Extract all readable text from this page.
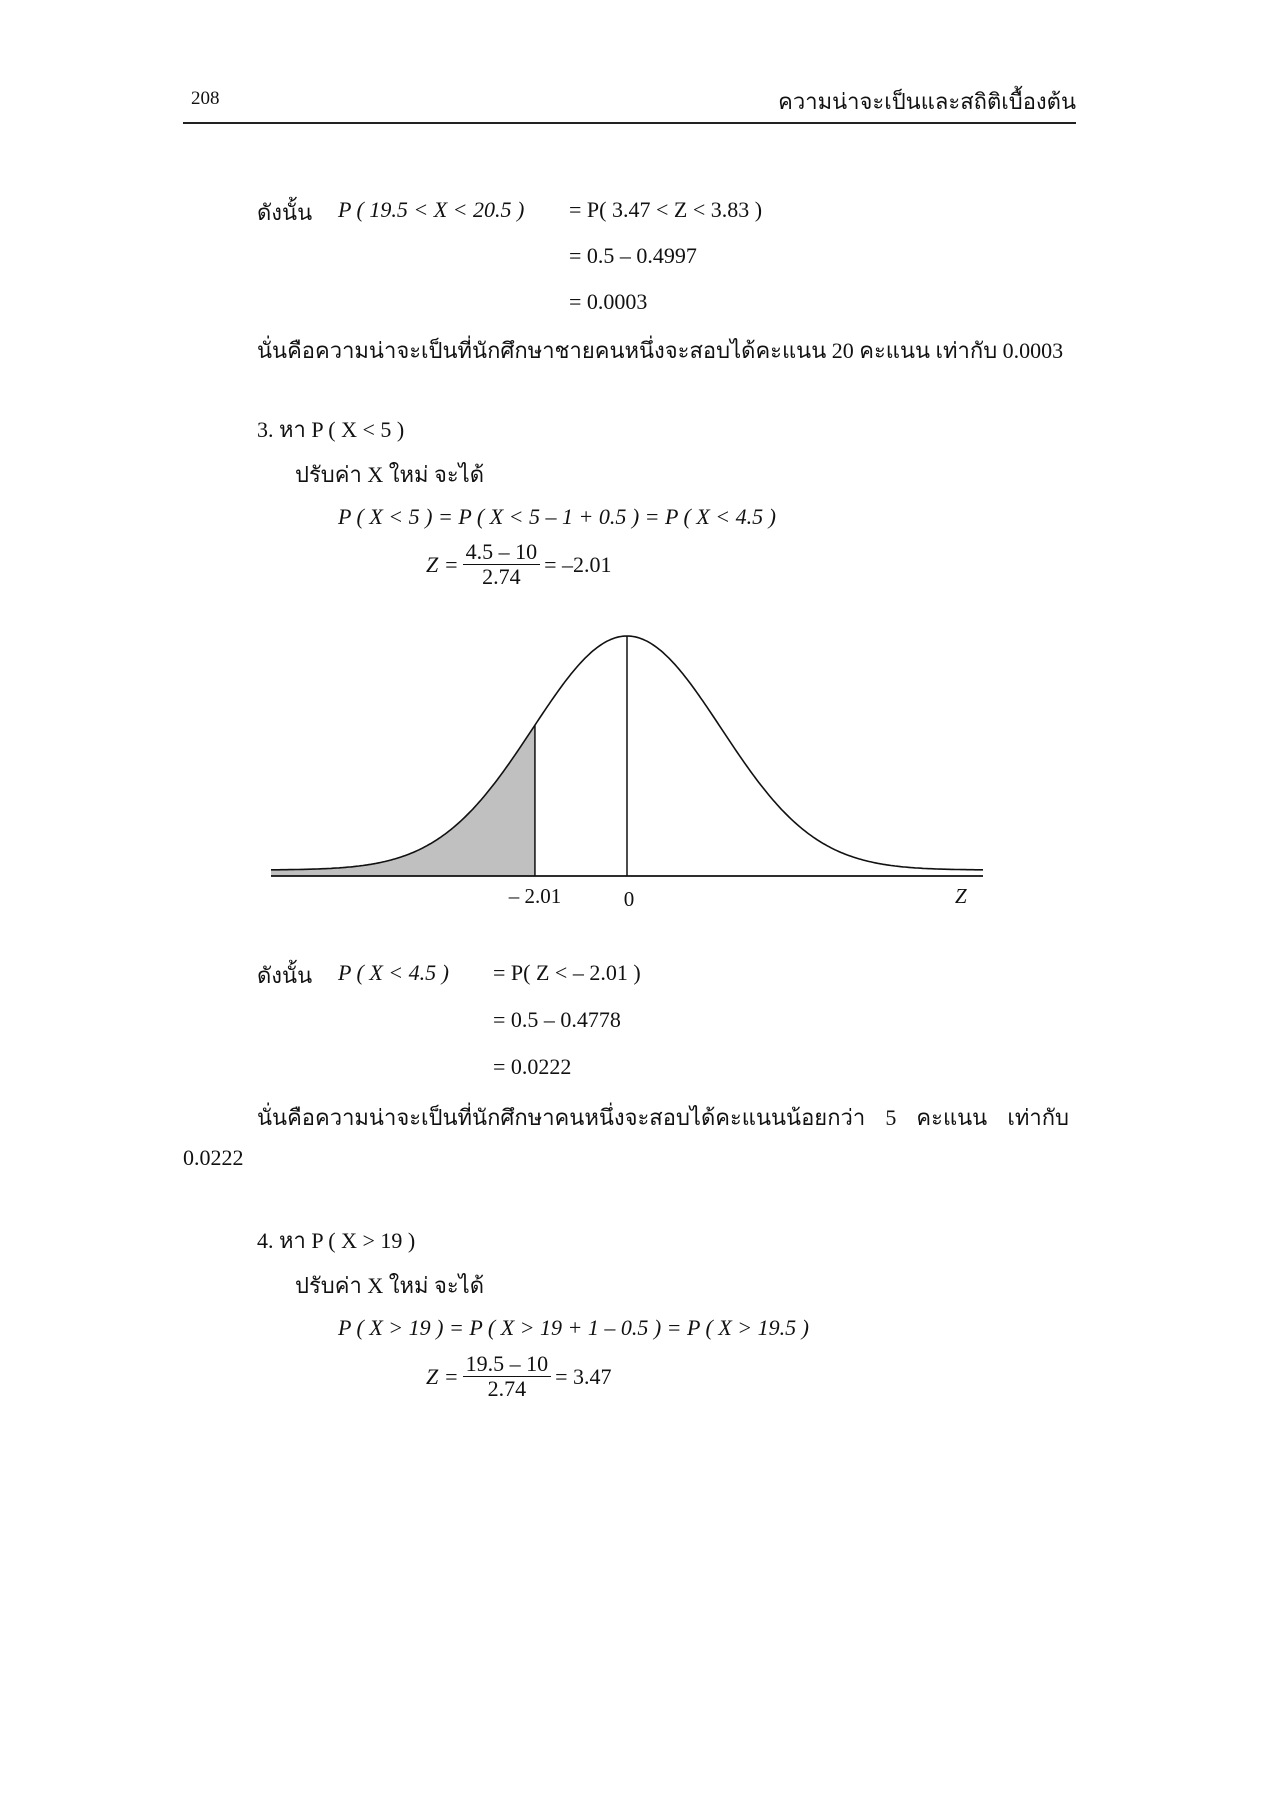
208	ความน่าจะเป็นและสถิติเบื้องต้น
ดังนั้น P ( 19.5 < X < 20.5 ) = P( 3.47 < Z < 3.83 )
= 0.5 – 0.4997
= 0.0003
นั่นคือความน่าจะเป็นที่นักศึกษาชายคนหนึ่งจะสอบได้คะแนน 20 คะแนน เท่ากับ 0.0003
3. หา P ( X < 5 )
ปรับค่า X ใหม่ จะได้
P ( X < 5 ) = P ( X < 5 – 1 + 0.5 ) = P ( X < 4.5 )
$Z = \frac{4.5 - 10}{2.74} = -2.01$
– 2.01	0	Z
ดังนั้น P ( X < 4.5 ) = P( Z < – 2.01 )
= 0.5 – 0.4778
= 0.0222
นั่นคือความน่าจะเป็นที่นักศึกษาคนหนึ่งจะสอบได้คะแนนน้อยกว่า 5 คะแนน เท่ากับ
0.0222
4. หา P ( X > 19 )
ปรับค่า X ใหม่ จะได้
P ( X > 19 ) = P ( X > 19 + 1 – 0.5 ) = P ( X > 19.5 )
$Z = \frac{19.5 - 10}{2.74} = 3.47$
